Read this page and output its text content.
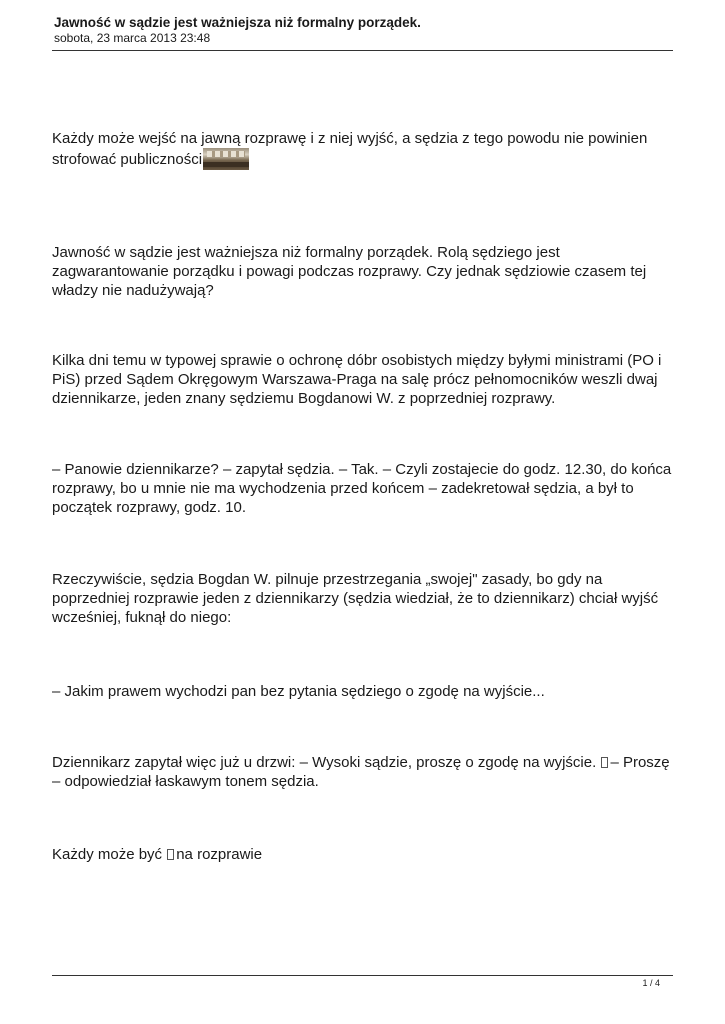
Jawność w sądzie jest ważniejsza niż formalny porządek.

sobota, 23 marca 2013 23:48

Każdy może wejść na jawną rozprawę i z niej wyjść, a sędzia z tego powodu nie powinien strofować publiczności

Jawność w sądzie jest ważniejsza niż formalny porządek. Rolą sędziego jest zagwarantowanie porządku i powagi podczas rozprawy. Czy jednak sędziowie czasem tej władzy nie nadużywają?

Kilka dni temu w typowej sprawie o ochronę dóbr osobistych między byłymi ministrami (PO i PiS) przed Sądem Okręgowym Warszawa-Praga na salę prócz pełnomocników weszli dwaj dziennikarze, jeden znany sędziemu Bogdanowi W. z poprzedniej rozprawy.

– Panowie dziennikarze? – zapytał sędzia. – Tak. – Czyli zostajecie do godz. 12.30, do końca rozprawy, bo u mnie nie ma wychodzenia przed końcem – zadekretował sędzia, a był to początek rozprawy, godz. 10.

Rzeczywiście, sędzia Bogdan W. pilnuje przestrzegania „swojej" zasady, bo gdy na poprzedniej rozprawie jeden z dziennikarzy (sędzia wiedział, że to dziennikarz) chciał wyjść wcześniej, fuknął do niego:

– Jakim prawem wychodzi pan bez pytania sędziego o zgodę na wyjście...

Dziennikarz zapytał więc już u drzwi: – Wysoki sądzie, proszę o zgodę na wyjście. – Proszę – odpowiedział łaskawym tonem sędzia.

Każdy może być na rozprawie

1 / 4
